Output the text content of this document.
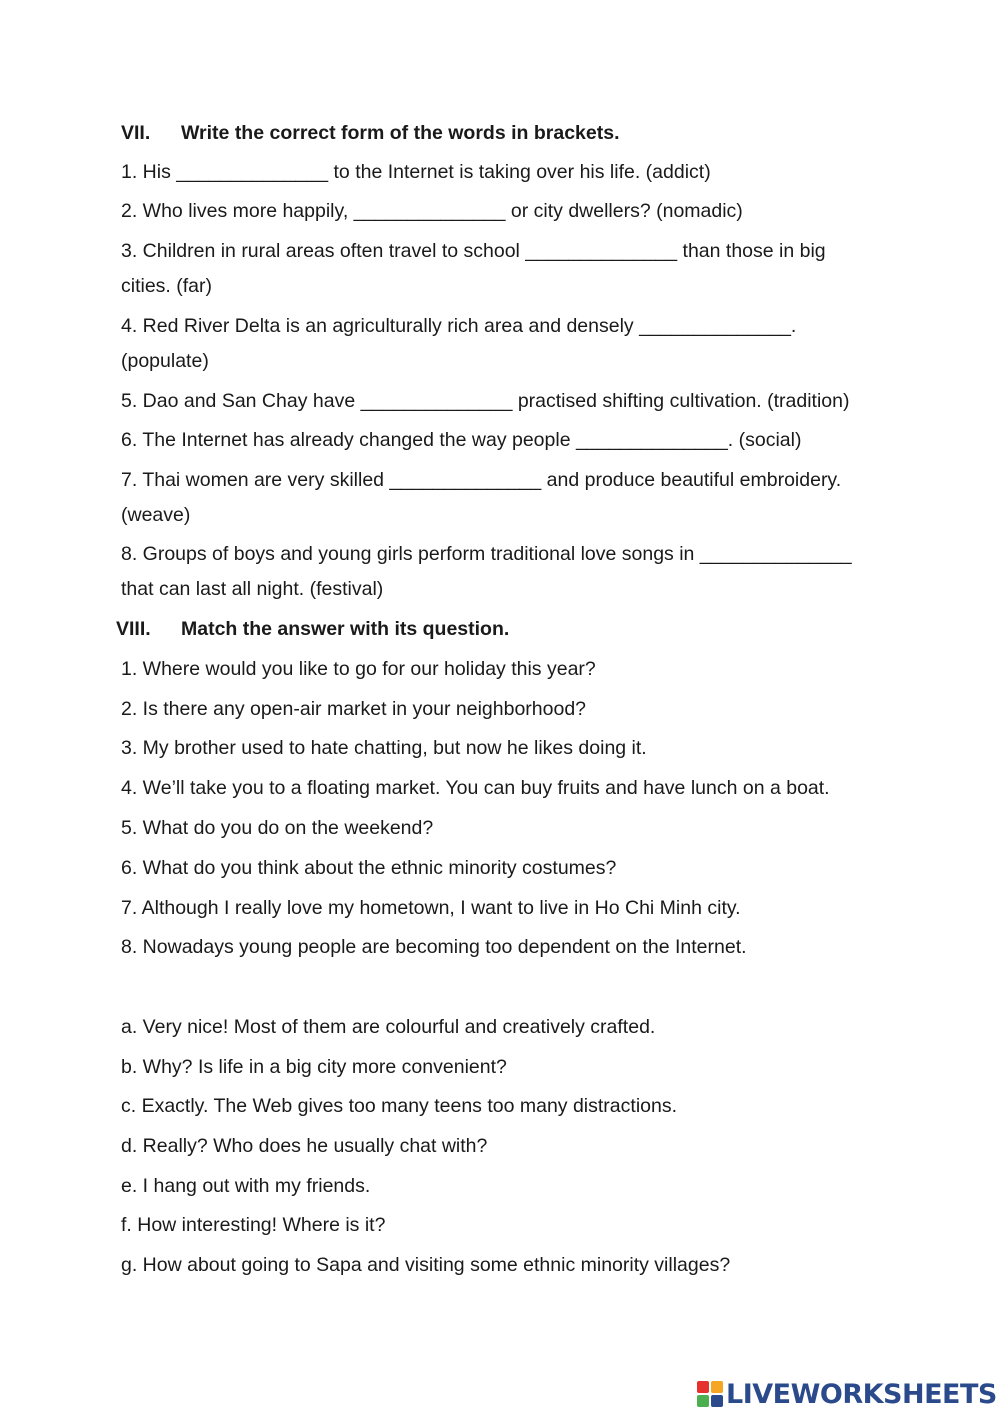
VII. Write the correct form of the words in brackets.
1. His ______________ to the Internet is taking over his life. (addict)
2. Who lives more happily, ______________ or city dwellers? (nomadic)
3. Children in rural areas often travel to school ______________ than those in big
cities. (far)
4. Red River Delta is an agriculturally rich area and densely ______________.
(populate)
5. Dao and San Chay have ______________ practised shifting cultivation. (tradition)
6. The Internet has already changed the way people ______________. (social)
7. Thai women are very skilled ______________ and produce beautiful embroidery.
(weave)
8. Groups of boys and young girls perform traditional love songs in ______________
that can last all night. (festival)
VIII. Match the answer with its question.
1. Where would you like to go for our holiday this year?
2. Is there any open-air market in your neighborhood?
3. My brother used to hate chatting, but now he likes doing it.
4. We’ll take you to a floating market. You can buy fruits and have lunch on a boat.
5. What do you do on the weekend?
6. What do you think about the ethnic minority costumes?
7. Although I really love my hometown, I want to live in Ho Chi Minh city.
8. Nowadays young people are becoming too dependent on the Internet.
a. Very nice! Most of them are colourful and creatively crafted.
b. Why? Is life in a big city more convenient?
c. Exactly. The Web gives too many teens too many distractions.
d. Really? Who does he usually chat with?
e. I hang out with my friends.
f. How interesting! Where is it?
g. How about going to Sapa and visiting some ethnic minority villages?
LIVEWORKSHEETS
